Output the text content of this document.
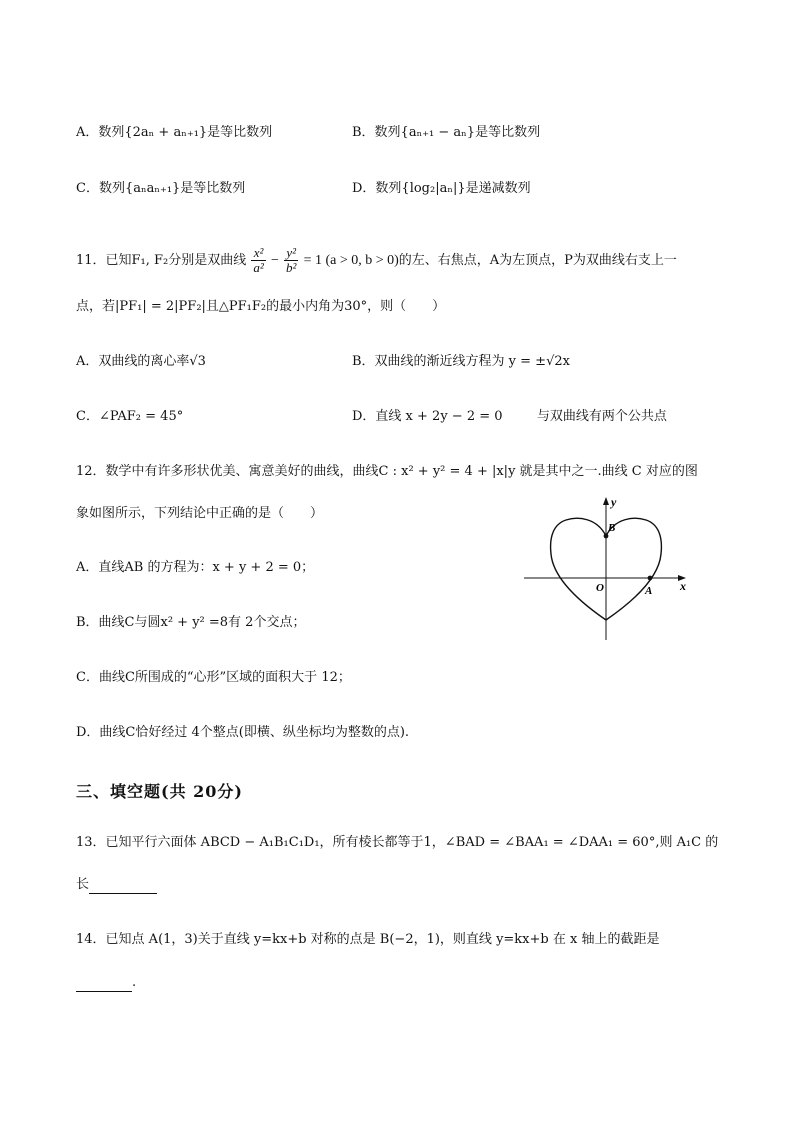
A．数列{2aₙ + aₙ₊₁}是等比数列	B．数列{aₙ₊₁ − aₙ}是等比数列
C．数列{aₙaₙ₊₁}是等比数列	D．数列{log₂|aₙ|}是递减数列
11．已知F₁, F₂分别是双曲线 $\frac{\text{x²}}{\text{a²}} - \frac{\text{y²}}{\text{b²}} = 1$ (a > 0, b > 0)的左、右焦点，A为左顶点，P为双曲线右支上一
点，若|PF₁| = 2|PF₂|且△PF₁F₂的最小内角为30°，则（　　）
A．双曲线的离心率√3	B．双曲线的渐近线方程为 y = ±√2x
C．∠PAF₂ = 45°	D．直线 x + 2y − 2 = 0	与双曲线有两个公共点
12．数学中有许多形状优美、寓意美好的曲线，曲线C : x² + y² = 4 + |x|y 就是其中之一.曲线 C 对应的图
象如图所示，下列结论中正确的是（　　）
A．直线AB 的方程为：x + y + 2 = 0；
B．曲线C与圆x² + y² =8有 2个交点；
C．曲线C所围成的“心形”区域的面积大于 12；
D．曲线C恰好经过 4个整点(即横、纵坐标均为整数的点).
y
x
O	A
B
三、填空题(共 20分)
13．已知平行六面体 ABCD − A₁B₁C₁D₁，所有棱长都等于1，∠BAD = ∠BAA₁ = ∠DAA₁ = 60°,则 A₁C 的
长
14．已知点 A(1，3)关于直线 y=kx+b 对称的点是 B(−2，1)，则直线 y=kx+b 在 x 轴上的截距是
.
